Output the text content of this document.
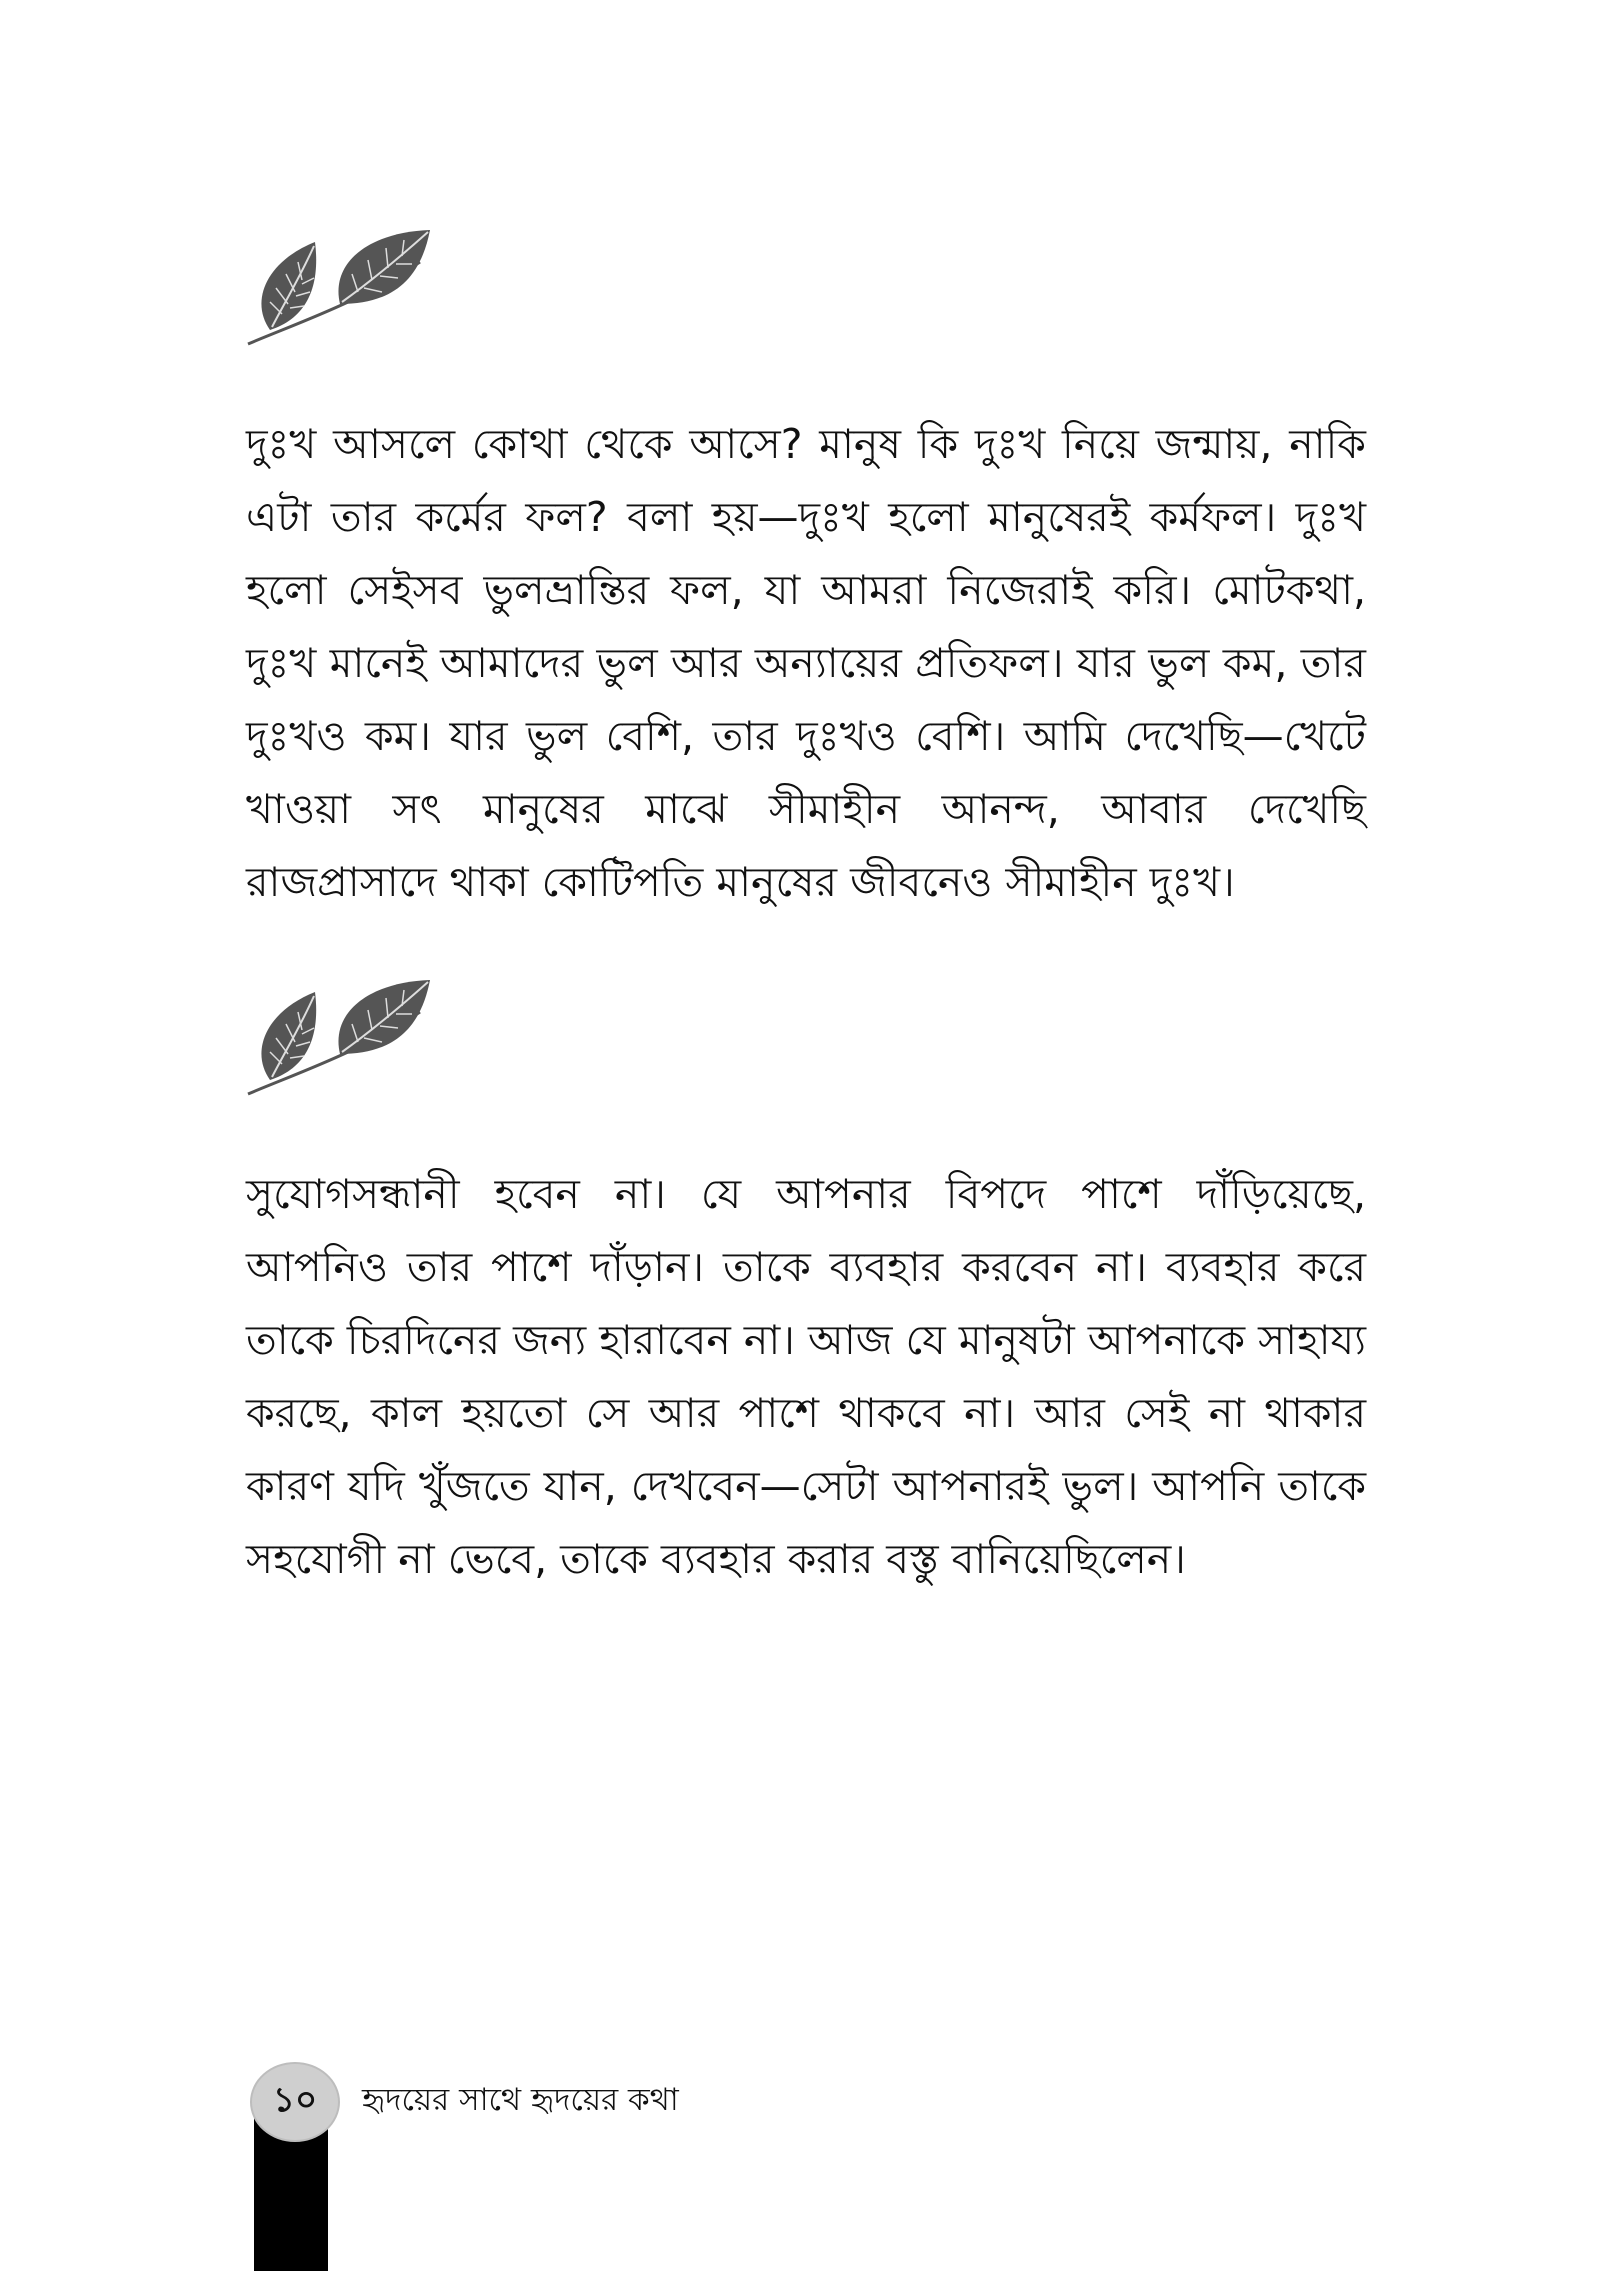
দুঃখ আসলে কোথা থেকে আসে? মানুষ কি দুঃখ নিয়ে জন্মায়, নাকি এটা তার কর্মের ফল? বলা হয়—দুঃখ হলো মানুষেরই কর্মফল। দুঃখ হলো সেইসব ভুলভ্রান্তির ফল, যা আমরা নিজেরাই করি। মোটকথা, দুঃখ মানেই আমাদের ভুল আর অন্যায়ের প্রতিফল। যার ভুল কম, তার দুঃখও কম। যার ভুল বেশি, তার দুঃখও বেশি। আমি দেখেছি—খেটে খাওয়া সৎ মানুষের মাঝে সীমাহীন আনন্দ, আবার দেখেছি রাজপ্রাসাদে থাকা কোটিপতি মানুষের জীবনেও সীমাহীন দুঃখ।

সুযোগসন্ধানী হবেন না। যে আপনার বিপদে পাশে দাঁড়িয়েছে, আপনিও তার পাশে দাঁড়ান। তাকে ব্যবহার করবেন না। ব্যবহার করে তাকে চিরদিনের জন্য হারাবেন না। আজ যে মানুষটা আপনাকে সাহায্য করছে, কাল হয়তো সে আর পাশে থাকবে না। আর সেই না থাকার কারণ যদি খুঁজতে যান, দেখবেন—সেটা আপনারই ভুল। আপনি তাকে সহযোগী না ভেবে, তাকে ব্যবহার করার বস্তু বানিয়েছিলেন।

১০	হৃদয়ের সাথে হৃদয়ের কথা
